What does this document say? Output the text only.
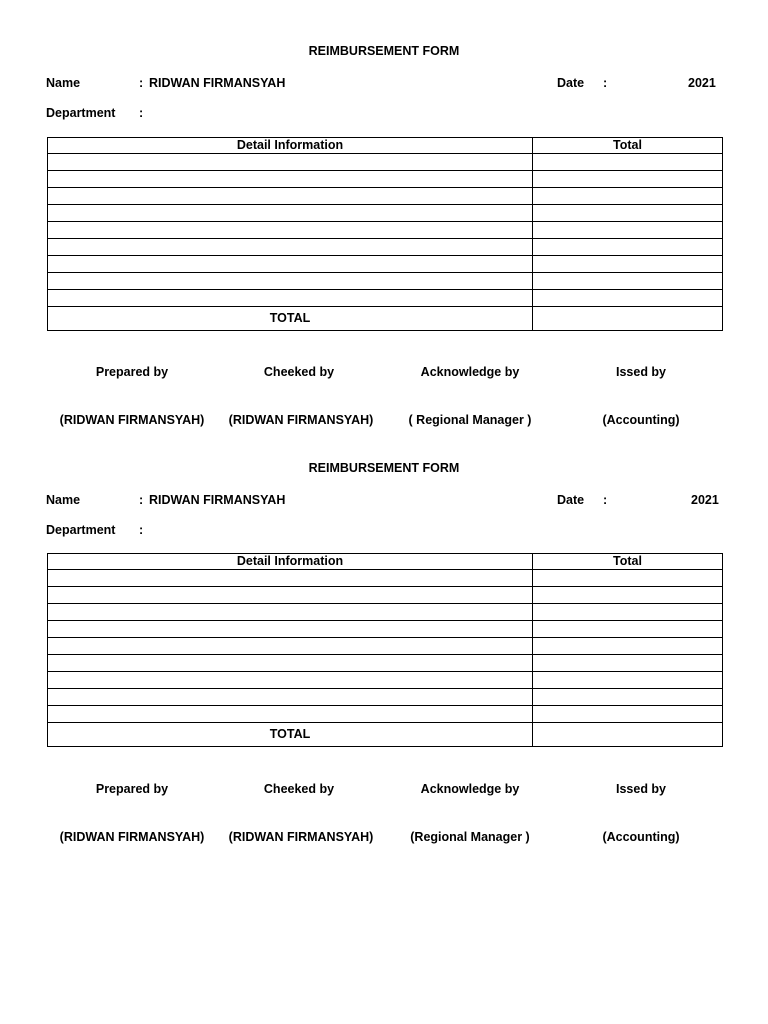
REIMBURSEMENT FORM
Name	: RIDWAN FIRMANSYAH	Date :	2021
Department :
Detail Information	Total

TOTAL	
Prepared by	Cheeked by	Acknowledge by	Issed by
(RIDWAN FIRMANSYAH)	(RIDWAN FIRMANSYAH)	( Regional Manager )	(Accounting)
REIMBURSEMENT FORM
Name	: RIDWAN FIRMANSYAH	Date :	2021
Department :
Detail Information	Total

TOTAL	
Prepared by	Cheeked by	Acknowledge by	Issed by
(RIDWAN FIRMANSYAH)	(RIDWAN FIRMANSYAH)	(Regional Manager )	(Accounting)
